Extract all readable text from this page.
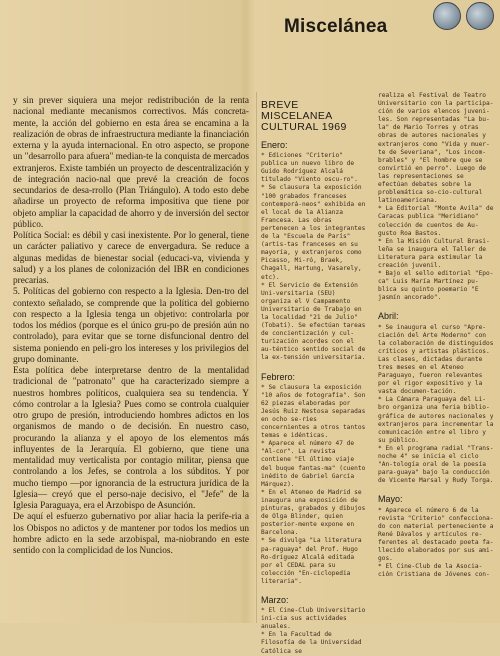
Miscelánea

y sin prever siquiera una mejor redistribución de la renta nacional mediante mecanismos correctivos. Más concreta-mente, la acción del gobierno en esta área se encamina a la realización de obras de infraestructura mediante la financiación externa y la ayuda internacional. En otro aspecto, se propone un "desarrollo para afuera" median-te la conquista de mercados extranjeros. Existe también un proyecto de descentralización y de integración nacio-nal que prevé la creación de focos secundarios de desa-rrollo (Plan Triángulo). A todo esto debe añadirse un proyecto de reforma impositiva que tiene por objeto ampliar la capacidad de ahorro y de inversión del sector público.

Política Social: es débil y casi inexistente. Por lo general, tiene un carácter paliativo y carece de envergadura. Se reduce a algunas medidas de bienestar social (educaci-va, vivienda y salud) y a los planes de colonización del IBR en condiciones precarias.

5. Políticas del gobierno con respecto a la Iglesia. Den-tro del contexto señalado, se comprende que la política del gobierno con respecto a la Iglesia tenga un objetivo: controlarla por todos los médios (porque es el único gru-po de presión aún no controlado), para evitar que se torne disfuncional dentro del sistema poniendo en peli-gro los intereses y los privilegios del grupo dominante.

Esta política debe interpretarse dentro de la mentalidad tradicional de "patronato" que ha caracterizado siempre a nuestros hombres políticos, cualquiera sea su tendencia. Y cómo controlar a la Iglesia? Pues como se controla cualquier otro grupo de presión, introduciendo hombres adictos en los organismos de mando o de decisión. En nuestro caso, procurando la alianza y el apoyo de los elementos más influyentes de la Jerarquía. El gobierno, que tiene una mentalidad muy verticalista por contagio militar, piensa que controlando a los Jefes, se controla a los súbditos. Y por mucho tiempo —por ignorancia de la estructura jurídica de la Iglesia— creyó que el perso-naje decisivo, el "Jefe" de la Iglesia Paraguaya, era el Arzobispo de Asunción.

De aquí el esfuerzo gubernativo por aliar hacia la perife-ria a los Obispos no adictos y de mantener por todos los medios un hombre adicto en la sede arzobispal, ma-niobrando en este sentido con la complicidad de los Nuncios.

BREVE MISCELANEA
CULTURAL 1969
Enero:

* Ediciones "Criterio" publica un nuevo libro de Guido Rodríguez Alcalá titulado "Viento oscu-ro".

* Se clausura la exposición "100 grabados franceses contemporá-neos" exhibida en el local de la Alianza Francesa. Las obras pertenecen a los integrantes de la "Escuela de París" (artis-tas franceses en su mayoría, y extranjeros como Picasso, Mi-ró, Braek, Chagall, Hartung, Vasarely, etc).

* El Servicio de Extensión Uni-versitaria (SEU) organiza el V Campamento Universitario de Trabajo en la localidad "21 de Julio" (Tobatí). Se efectúan tareas de concientización y cul-turización acordes con el au-téntico sentido social de la ex-tensión universitaria.

Febrero:

* Se clausura la exposición "10 años de fotografía". Son 62 piezas elaboradas por Jesús Ruiz Nestosa separadas en ocho se-ries concernientes a otros tantos temas e idénticas.

* Aparece el número 47 de "Al-cor". La revista contiene "El último viaje del buque fantas-ma" (cuento inédito de Gabriel García Márquez).

* En el Ateneo de Madrid se inaugura una exposición de pinturas, grabados y dibujos de Olga Blinder, quien posterior-mente expone en Barcelona.

* Se divulga "La literatura pa-raguaya" del Prof. Hugo Ro-dríguez Alcalá editada por el CEDAL para su colección "En-ciclopedia literaria".

Marzo:

* El Cine-Club Universitario ini-cia sus actividades anuales.

* En la Facultad de Filosofía de la Universidad Católica se

realiza el Festival de Teatro Universitario con la participa-ción de varios elencos juveni-les. Son representadas "La bu-la" de Mario Torres y otras obras de autores nacionales y extranjeros como "Vida y muer-te de Severiana", "Los incom-brables" y "El hombre que se convirtió en perro". Luego de las representaciones se efectúan debates sobre la problemática so-cio-cultural latinoamericana.

* La Editorial "Monte Avila" de Caracas publica "Meridiano" colección de cuentos de Au-gusto Roa Bastos.

* En la Misión Cultural Brasi-leña se inaugura el Taller de Literatura para estimular la creación juvenil.

* Bajo el sello editorial "Epo-ca" Luis María Martínez pu-blica su quinto poemario "E jasmín ancorado".

Abril:

* Se inaugura el curso "Apre-ciación del Arte Moderno" con la colaboración de distinguidos críticos y artistas plásticos. Las clases, dictadas durante tres meses en el Ateneo Paraguayo, fueron relevantes por el rigor expositivo y la vasta documen-tación.

* La Cámara Paraguaya del Li-bro organiza una feria biblio-gráfica de autores nacionales y extranjeros para incrementar la comunicación entre el libro y su público.

* En el programa radial "Trans-noche 4" se inicia el ciclo "An-tología oral de la poesía para-guaya" bajo la conducción de Vicente Marsal y Rudy Torga.

Mayo:

* Aparece el número 6 de la revista "Criterio" confecciona-do con material perteneciente a René Dávalos y artículos re-ferentes al destacado poeta fa-llecido elaborados por sus ami-gos.

* El Cine-Club de la Asocia-ción Cristiana de Jóvenes con-
